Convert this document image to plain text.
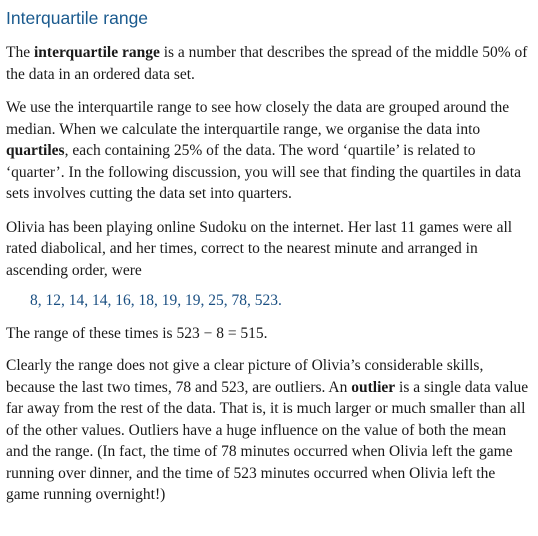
Interquartile range

The interquartile range is a number that describes the spread of the middle 50% of the data in an ordered data set.

We use the interquartile range to see how closely the data are grouped around the median. When we calculate the interquartile range, we organise the data into quartiles, each containing 25% of the data. The word ‘quartile’ is related to ‘quarter’. In the following discussion, you will see that finding the quartiles in data sets involves cutting the data set into quarters.

Olivia has been playing online Sudoku on the internet. Her last 11 games were all rated diabolical, and her times, correct to the nearest minute and arranged in ascending order, were

8, 12, 14, 14, 16, 18, 19, 19, 25, 78, 523.

The range of these times is 523 − 8 = 515.

Clearly the range does not give a clear picture of Olivia’s considerable skills, because the last two times, 78 and 523, are outliers. An outlier is a single data value far away from the rest of the data. That is, it is much larger or much smaller than all of the other values. Outliers have a huge influence on the value of both the mean and the range. (In fact, the time of 78 minutes occurred when Olivia left the game running over dinner, and the time of 523 minutes occurred when Olivia left the game running overnight!)
